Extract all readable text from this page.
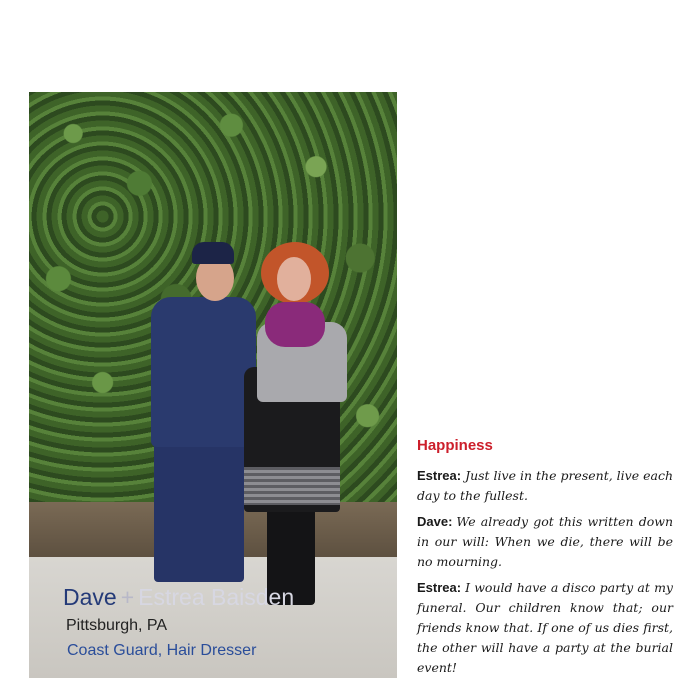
Dave + Estrea Baisden

Pittsburgh, PA

Coast Guard, Hair Dresser

Happiness

Estrea: Just live in the present, live each day to the fullest.

Dave: We already got this written down in our will: When we die, there will be no mourning.

Estrea: I would have a disco party at my funeral. Our children know that; our friends know that. If one of us dies first, the other will have a party at the burial event!
